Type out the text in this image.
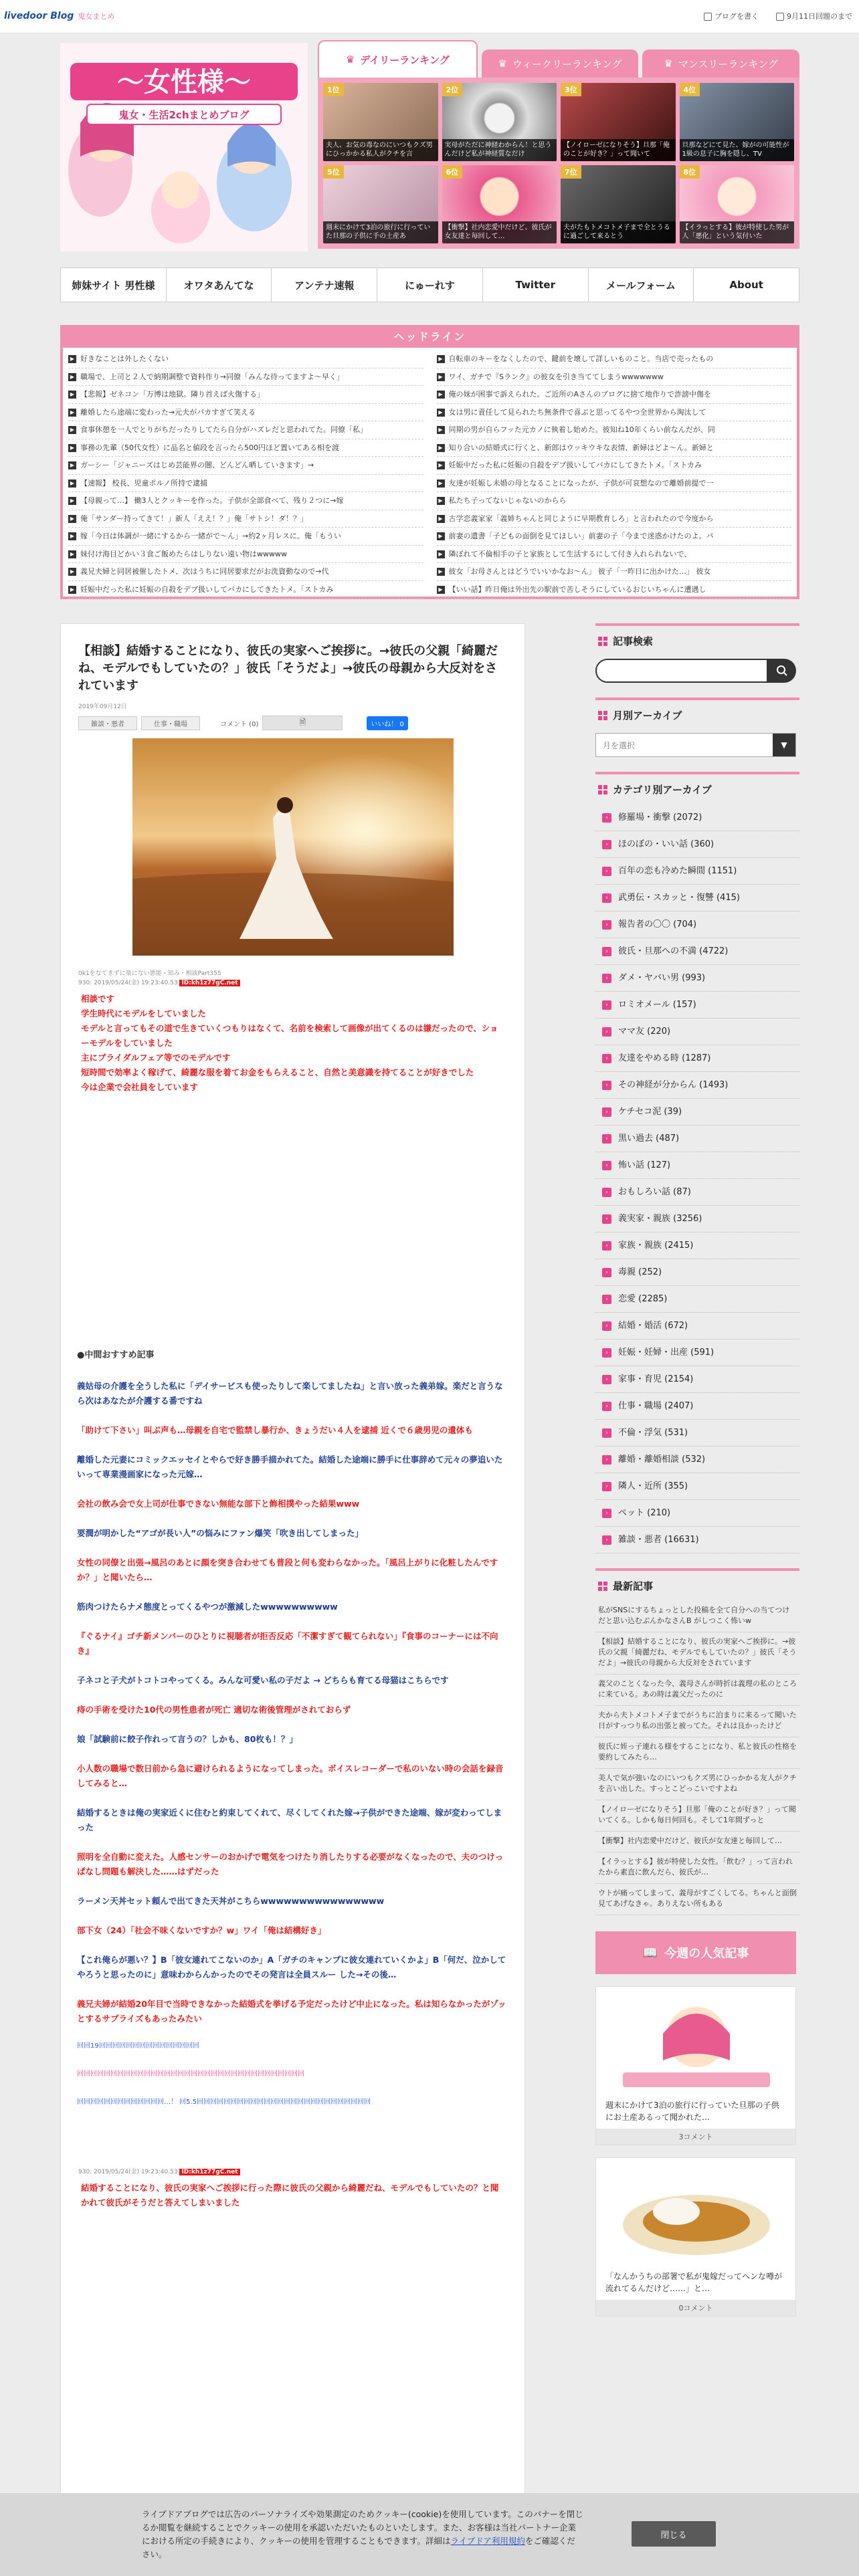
livedoor Blog 鬼女まとめ	ブログを書く	9月11日回題のまで
～女性様～
鬼女・生活2chまとめブログ
♛ デイリーランキング	♛ ウィークリーランキング	♛ マンスリーランキング
1位
夫人、お気の毒なのにいつもクズ男にひっかかる私人がクチを言
2位
実母がただに神経わからん！と思うんだけど私が神経質なだけ
3位
【ノイローゼになりそう】旦那「俺のことが好き？」って聞いて
4位
旦那などにて見た、嫁がの可能性が1級の息子に胸を隠し、TV
5位
週末にかけて3泊の旅行に行っていた旦那の子供に手の土産あ
6位
【衝撃】社内恋愛中だけど、彼氏が女友達と毎回して…
7位
夫がたもトメコトメ子まで全とうるに過ごして来るとう
8位
【イラっとする】彼が特使した男が人「悪化」という気付いた
姉妹サイト 男性様	オワタあんてな	アンテナ速報	にゅーれす	Twitter	メールフォーム	About
ヘッドライン
▶ 好きなことは外したくない
▶ 職場で、上司と２人で納期調整で資料作り→同僚「みんな待ってますよ～早く」
▶ 【悲報】ゼネコン「万博は地獄。隣り首えば火傷する」
▶ 離婚したら途端に変わった→元夫がバカすぎて笑える
▶ 食事休憩を一人でとりがちだったりしてたら自分がハズレだと思われてた。同僚「私」
▶ 事務の先輩（50代女性）に品名と値段を言ったら500円ほど置いてある相を渡
▶ ガーシー「ジャニーズはじめ芸能界の闇、どんどん晒していきます」→
▶ 【速報】 校長、児童ポルノ所持で逮捕
▶ 【母親って…】 働3人とクッキーを作った。子供が全部食べて、残り２つに→嫁
▶ 俺「サンダー持ってきて！」新人「ええ！？」俺「サトシ！ダ！？」
▶ 嫁「今日は体調が一緒にするから一緒がで～ん」→約2ヶ月レスに。俺「もうい
▶ 妹付け海目どかい３食ご飯めたらはしりない遠い物はwwwww
▶ 義兄夫婦と同居被催したトメ、次はうちに同居要求だがお洗資動なので→代
▶ 妊娠中だった私に妊娠の自殺をデブ扱いしてバカにしてきたトメ。「ストカみ
▶ 自転車のキーをなくしたので、鍵前を壊して詳しいものこと。当店で売ったもの
▶ ワイ、ガチで『Sランク』の彼女を引き当ててしまうwwwwwww
▶ 俺の妹が困事で訴えられた。ご近所のAさんのブログに捨て地作りで詐謗中傷を
▶ 女は男に責任して見られたち無条件で喜ぶと思ってるやつ全世界から淘汰して
▶ 同期の男が自らフッた元カノに執着し始めた。彼知ね10年くらい前なんだが、同
▶ 知り合いの結婚式に行くと、新郎はウッキウキな表情、新婦はどよ～ん。新婦と
▶ 妊娠中だった私に妊娠の自殺をデブ扱いしてバカにしてきたトメ。「ストカみ
▶ 友達が妊娠し未婚の母となることになったが、子供が可哀想なので離婚前提で一
▶ 私たち子ってないじゃないのからら
▶ 古学恋義家家「義姉ちゃんと同じように早期教育しろ」と言われたので今度から
▶ 前妻の遺書「子どもの面倒を見てほしい」前妻の子「今まで迷惑かけたのよ。パ
▶ 隣ぼれて不倫相手の子と家族として生活するにして付き入れられないで、
▶ 彼女「お母さんとはどうでいいかなお～ん」 彼子「一昨日に出かけた…」 彼女
▶ 【いい話】昨日俺は外出先の駅前で苦しそうにしているおじいちゃんに遭遇し
【相談】結婚することになり、彼氏の実家へご挨拶に。→彼氏の父親「綺麗だね、モデルでもしていたの？」彼氏「そうだよ」→彼氏の母親から大反対をされています
2019年09月12日
雑談・悪者	仕事・職場	コメント (0)	🗎	いいね！ 0
0k1をなてきずに楽にない悪能・知み・相談Part355
930: 2019/05/24(金) 19:23:40.53 ID:kh1z77gC.net
相談です
学生時代にモデルをしていました
モデルと言ってもその道で生きていくつもりはなくて、名前を検索して画像が出てくるのは嫌だったので、ショーモデルをしていました
主にブライダルフェア等でのモデルです
短時間で効率よく稼げて、綺麗な服を着てお金をもらえること、自然と美意識を持てることが好きでした
今は企業で会社員をしています
●中間おすすめ記事
義姑母の介護を全うした私に「デイサービスも使ったりして楽してましたね」と言い放った義弟嫁。楽だと言うなら次はあなたが介護する番ですね
「助けて下さい」叫ぶ声も…母親を自宅で監禁し暴行か、きょうだい４人を逮捕 近くで６歳男児の遺体も
離婚した元妻にコミックエッセイとやらで好き勝手描かれてた。結婚した途端に勝手に仕事辞めて元々の夢追いたいって専業漫画家になった元嫁…
会社の飲み会で女上司が仕事できない無能な部下と飾相撲やった結果www
要潤が明かした“アゴが長い人”の悩みにファン爆笑「吹き出してしまった」
女性の同僚と出張→風呂のあとに顔を突き合わせても普段と何も変わらなかった。「風呂上がりに化粧したんですか？」と聞いたら…
筋肉つけたらナメ態度とってくるやつが激減したwwwwwwwwww
『ぐるナイ』ゴチ新メンバーのひとりに視聴者が拒否反応「不潔すぎて観てられない」『食事のコーナーには不向き』
子ネコと子犬がトコトコやってくる。みんな可愛い私の子だよ → どちらも育てる母猫はこちらです
痔の手術を受けた10代の男性患者が死亡 適切な術後管理がされておらず
娘「試験前に餃子作れって言うの？しかも、80枚も！？」
小人数の職場で数日前から急に避けられるようになってしまった。ボイスレコーダーで私のいない時の会話を録音してみると…
結婚するときは俺の実家近くに住むと約束してくれて、尽くしてくれた嫁→子供ができた途端、嫁が変わってしまった
照明を全自動に変えた。人感センサーのおかげで電気をつけたり消したりする必要がなくなったので、夫のつけっぱなし問題も解決した……はずだった
ラーメン天丼セット頼んで出てきた天丼がこちらwwwwwwwwwwwwwwww
部下女（24）「社会不味くないですか？w」ワイ「俺は結構好き」
【これ俺らが悪い？】B「彼女連れてこないのか」A「ガチのキャンプに彼女連れていくかよ」B「何だ、泣かしてやろうと思ったのに」意味わからんかったのでその発言は全員スルー した→その後…
義兄夫婦が結婚20年目で当時できなかった結婚式を挙げる予定だったけど中止になった。私は知らなかったがゾッとするサプライズもあったみたい
回回19回回回回回回回回回回回回回回回
回回回回回回回回回回回回回回回回回回回回回回回回回回回回回回回回回回
回回回回回回回回回回回回回…！ 回5.5回回回回回回回回回回回回回回回回回回回回回回回回回回
930: 2019/05/24(金) 19:23:40.53 ID:kh1z77gC.net
結婚することになり、彼氏の実家へご挨拶に行った際に彼氏の父親から綺麗だね、モデルでもしていたの？と聞かれて彼氏がそうだと答えてしまいました
記事検索
月別アーカイブ
月を選択	▼
カテゴリ別アーカイブ
›	修羅場・衝撃 (2072)
›	ほのぼの・いい話 (360)
›	百年の恋も冷めた瞬間 (1151)
›	武勇伝・スカッと・復讐 (415)
›	報告者の〇〇 (704)
›	彼氏・旦那への不満 (4722)
›	ダメ・ヤバい男 (993)
›	ロミオメール (157)
›	ママ友 (220)
›	友達をやめる時 (1287)
›	その神経が分からん (1493)
›	ケチセコ泥 (39)
›	黒い過去 (487)
›	怖い話 (127)
›	おもしろい話 (87)
›	義実家・親族 (3256)
›	家族・親族 (2415)
›	毒親 (252)
›	恋愛 (2285)
›	結婚・婚活 (672)
›	妊娠・妊婦・出産 (591)
›	家事・育児 (2154)
›	仕事・職場 (2407)
›	不倫・浮気 (531)
›	離婚・離婚相談 (532)
›	隣人・近所 (355)
›	ペット (210)
›	雑談・悪者 (16631)
最新記事
私がSNSにするちょっとした投稿を全て自分への当てつけだと思い込むぶんかなさんB がしつこく怖いw
【相談】結婚することになり、彼氏の実家へご挨拶に。→彼氏の父親「綺麗だね、モデルでもしていたの？」彼氏「そうだよ」→彼氏の母親から大反対をされています
義父のことくなった今、義母さんが時折は義理の私のところに来ている。あの時は義父だったのに
夫から夫トメコトメ子までがうちに泊まりに来るって聞いた日がすっつり私の出張と被ってた。それは良かったけど
彼氏に姪っ子連れる様をすることになり、私と彼氏の性格を要約してみたら…
美人で気が強いなのにいつもクズ男にひっかかる友人がクチを言い出した。すっとこどっこいですよね
【ノイローゼになりそう】旦那「俺のことが好き？」って聞いてくる。しかも毎日何回も。そして1年間ずっと
【衝撃】社内恋愛中だけど、彼氏が女友達と毎回して…
【イラっとする】彼が特使した女性。「飲む？」って言われたから素直に飲んだら、彼氏が…
ウトが痛ってしまって、義母がすごくしてる。ちゃんと面倒見てあげなきゃ。ありえない所もある
📖 今週の人気記事
週末にかけて3泊の旅行に行っていた旦那の子供にお土産あるって聞かれた…
3コメント
「なんかうちの部署で私が鬼嫁だってヘンな噂が流れてるんだけど……」と…
0コメント
ライブドアブログでは広告のパーソナライズや効果測定のためクッキー(cookie)を使用しています。このバナーを閉じるか閲覧を継続することでクッキーの使用を承認いただいたものといたします。また、お客様は当社パートナー企業における所定の手続きにより、クッキーの使用を管理することもできます。詳細はライブドア利用規約をご確認ください。
閉じる
